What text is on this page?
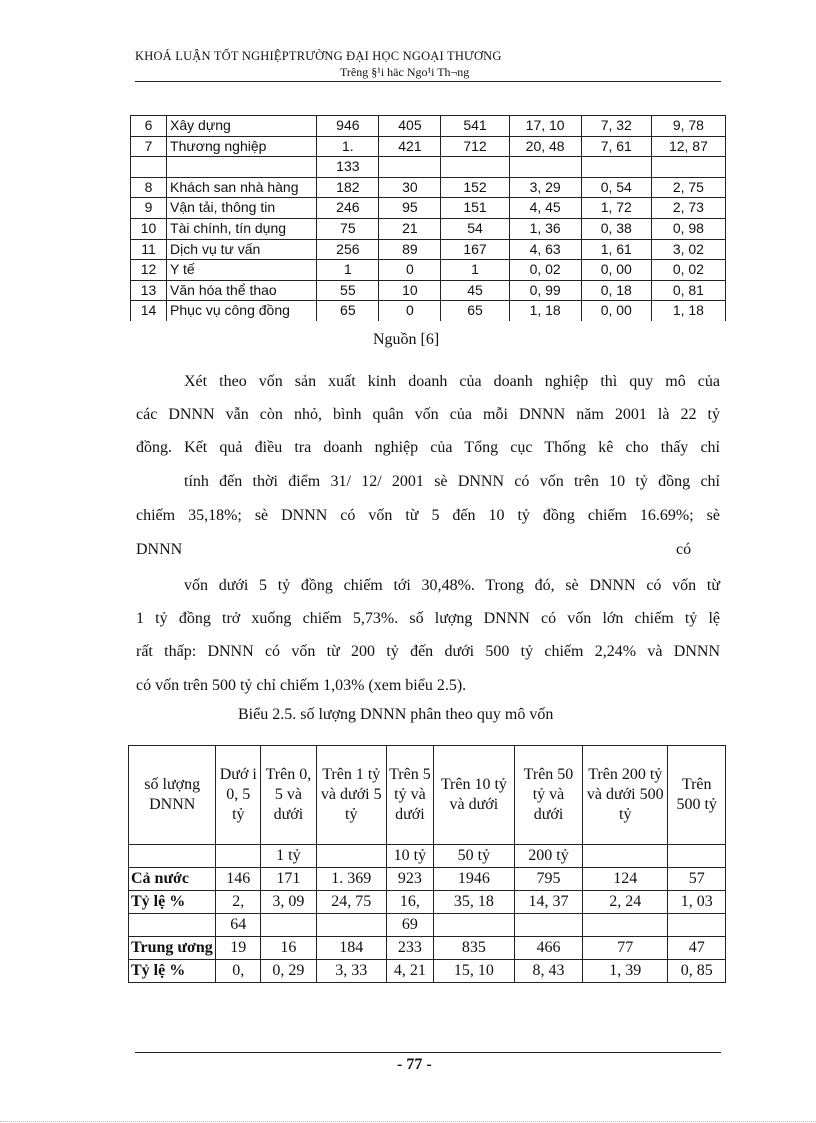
KHOÁ LUẬN TỐT NGHIỆPTRƯỜNG ĐẠI HỌC NGOẠI THƯƠNG
Trêng §¹i häc Ngo¹i Th¬ng
6	Xây dựng	946	405	541	17, 10	7, 32	9, 78
7	Thương nghiệp	1.	421	712	20, 48	7, 61	12, 87
		133					
8	Khách san nhà hàng	182	30	152	3, 29	0, 54	2, 75
9	Vận tải, thông tin	246	95	151	4, 45	1, 72	2, 73
10	Tài chính, tín dụng	75	21	54	1, 36	0, 38	0, 98
11	Dịch vụ tư vấn	256	89	167	4, 63	1, 61	3, 02
12	Y tế	1	0	1	0, 02	0, 00	0, 02
13	Văn hóa thể thao	55	10	45	0, 99	0, 18	0, 81
14	Phục vụ công đồng	65	0	65	1, 18	0, 00	1, 18
Nguồn [6]
Xét theo vốn sản xuất kinh doanh của doanh nghiệp thì quy mô của
các DNNN vẫn còn nhỏ, bình quân vốn của mỗi DNNN năm 2001 là 22 tỷ
đồng. Kết quả điều tra doanh nghiệp của Tổng cục Thống kê cho thấy chỉ
tính đến thời điểm 31/ 12/ 2001 sè DNNN có vốn trên 10 tỷ đồng chỉ
chiếm 35,18%; sè DNNN có vốn từ 5 đến 10 tỷ đồng chiếm 16.69%; sè
DNNN	có
vốn dưới 5 tỷ đồng chiếm tới 30,48%. Trong đó, sè DNNN có vốn từ
1 tỷ đồng trở xuống chiếm 5,73%. số lượng DNNN có vốn lớn chiếm tỷ lệ
rất thấp: DNNN có vốn từ 200 tỷ đến dưới 500 tỷ chiếm 2,24% và DNNN
có vốn trên 500 tỷ chỉ chiếm 1,03% (xem biểu 2.5).
Biểu 2.5. số lượng DNNN phân theo quy mô vốn
số lượng DNNN	Dướ i 0, 5 tỷ	Trên 0, 5 và dưới	Trên 1 tỷ và dưới 5 tỷ	Trên 5 tỷ và dưới	Trên 10 tỷ và dưới	Trên 50 tỷ và dưới	Trên 200 tỷ và dưới 500 tỷ	Trên 500 tỷ
		1 tỷ		10 tỷ	50 tỷ	200 tỷ		
Cả nước	146	171	1. 369	923	1946	795	124	57
Tỷ lệ %	2,	3, 09	24, 75	16,	35, 18	14, 37	2, 24	1, 03
	64			69				
Trung ương	19	16	184	233	835	466	77	47
Tỷ lệ %	0,	0, 29	3, 33	4, 21	15, 10	8, 43	1, 39	0, 85
- 77 -
